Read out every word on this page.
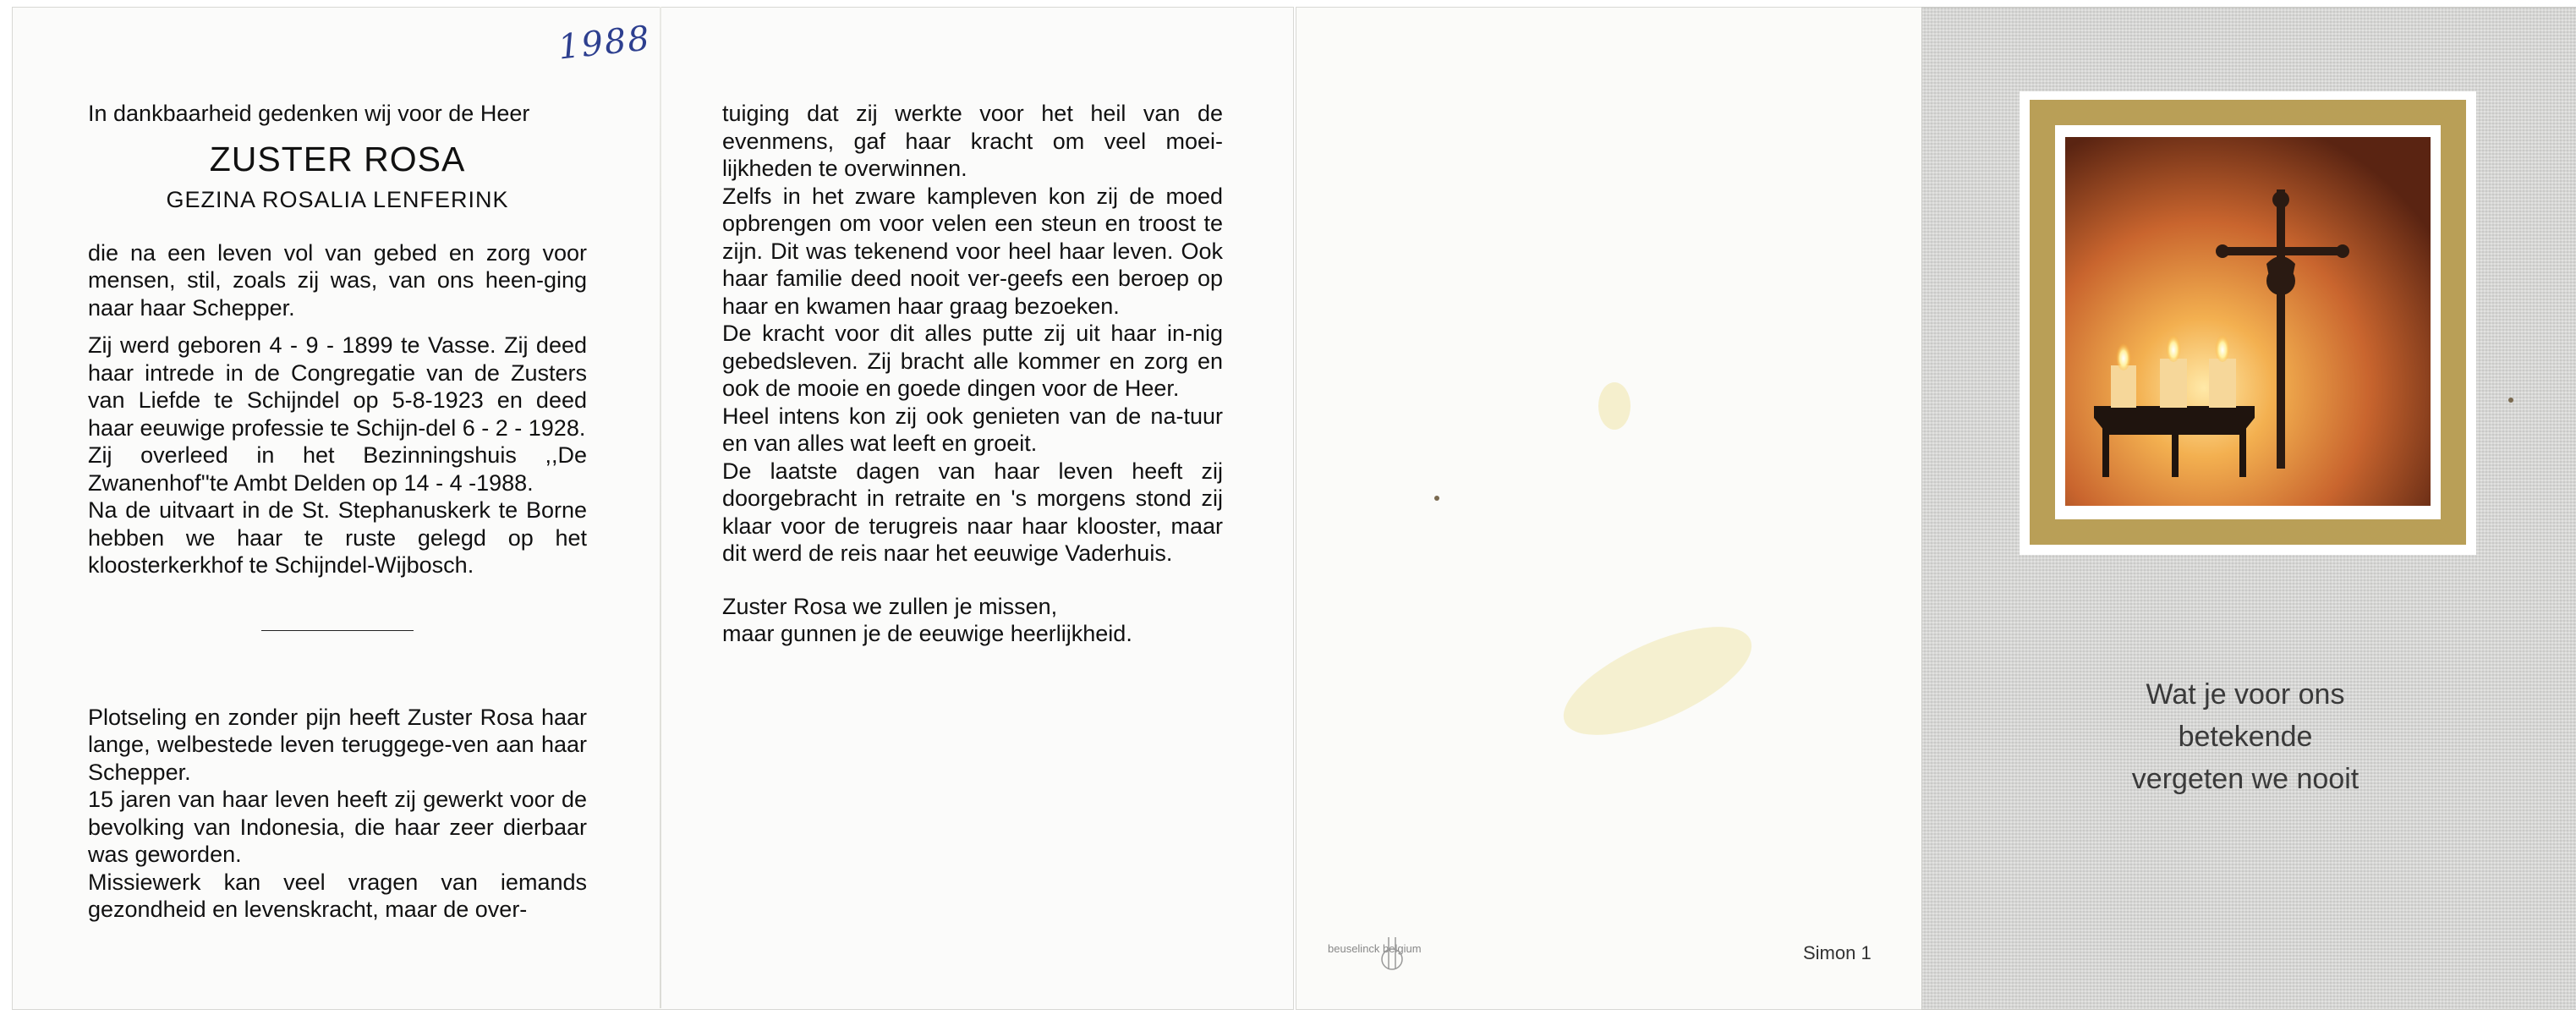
1988

In dankbaarheid gedenken wij voor de Heer

ZUSTER ROSA
GEZINA ROSALIA LENFERINK

die na een leven vol van gebed en zorg voor mensen, stil, zoals zij was, van ons heen-ging naar haar Schepper.

Zij werd geboren 4 - 9 - 1899 te Vasse. Zij deed haar intrede in de Congregatie van de Zusters van Liefde te Schijndel op 5-8-1923 en deed haar eeuwige professie te Schijn-del 6 - 2 - 1928.

Zij overleed in het Bezinningshuis ,,De Zwanenhof''te Ambt Delden op 14 - 4 -1988.

Na de uitvaart in de St. Stephanuskerk te Borne hebben we haar te ruste gelegd op het kloosterkerkhof te Schijndel-Wijbosch.

Plotseling en zonder pijn heeft Zuster Rosa haar lange, welbestede leven teruggege-ven aan haar Schepper.

15 jaren van haar leven heeft zij gewerkt voor de bevolking van Indonesia, die haar zeer dierbaar was geworden.

Missiewerk kan veel vragen van iemands gezondheid en levenskracht, maar de over-

tuiging dat zij werkte voor het heil van de evenmens, gaf haar kracht om veel moei-lijkheden te overwinnen.

Zelfs in het zware kampleven kon zij de moed opbrengen om voor velen een steun en troost te zijn. Dit was tekenend voor heel haar leven. Ook haar familie deed nooit ver-geefs een beroep op haar en kwamen haar graag bezoeken.

De kracht voor dit alles putte zij uit haar in-nig gebedsleven. Zij bracht alle kommer en zorg en ook de mooie en goede dingen voor de Heer.

Heel intens kon zij ook genieten van de na-tuur en van alles wat leeft en groeit.

De laatste dagen van haar leven heeft zij doorgebracht in retraite en 's morgens stond zij klaar voor de terugreis naar haar klooster, maar dit werd de reis naar het eeuwige Vaderhuis.

Zuster Rosa we zullen je missen,

maar gunnen je de eeuwige heerlijkheid.

beuselinck belgium	Simon 1
Wat je voor ons
betekende
vergeten we nooit
